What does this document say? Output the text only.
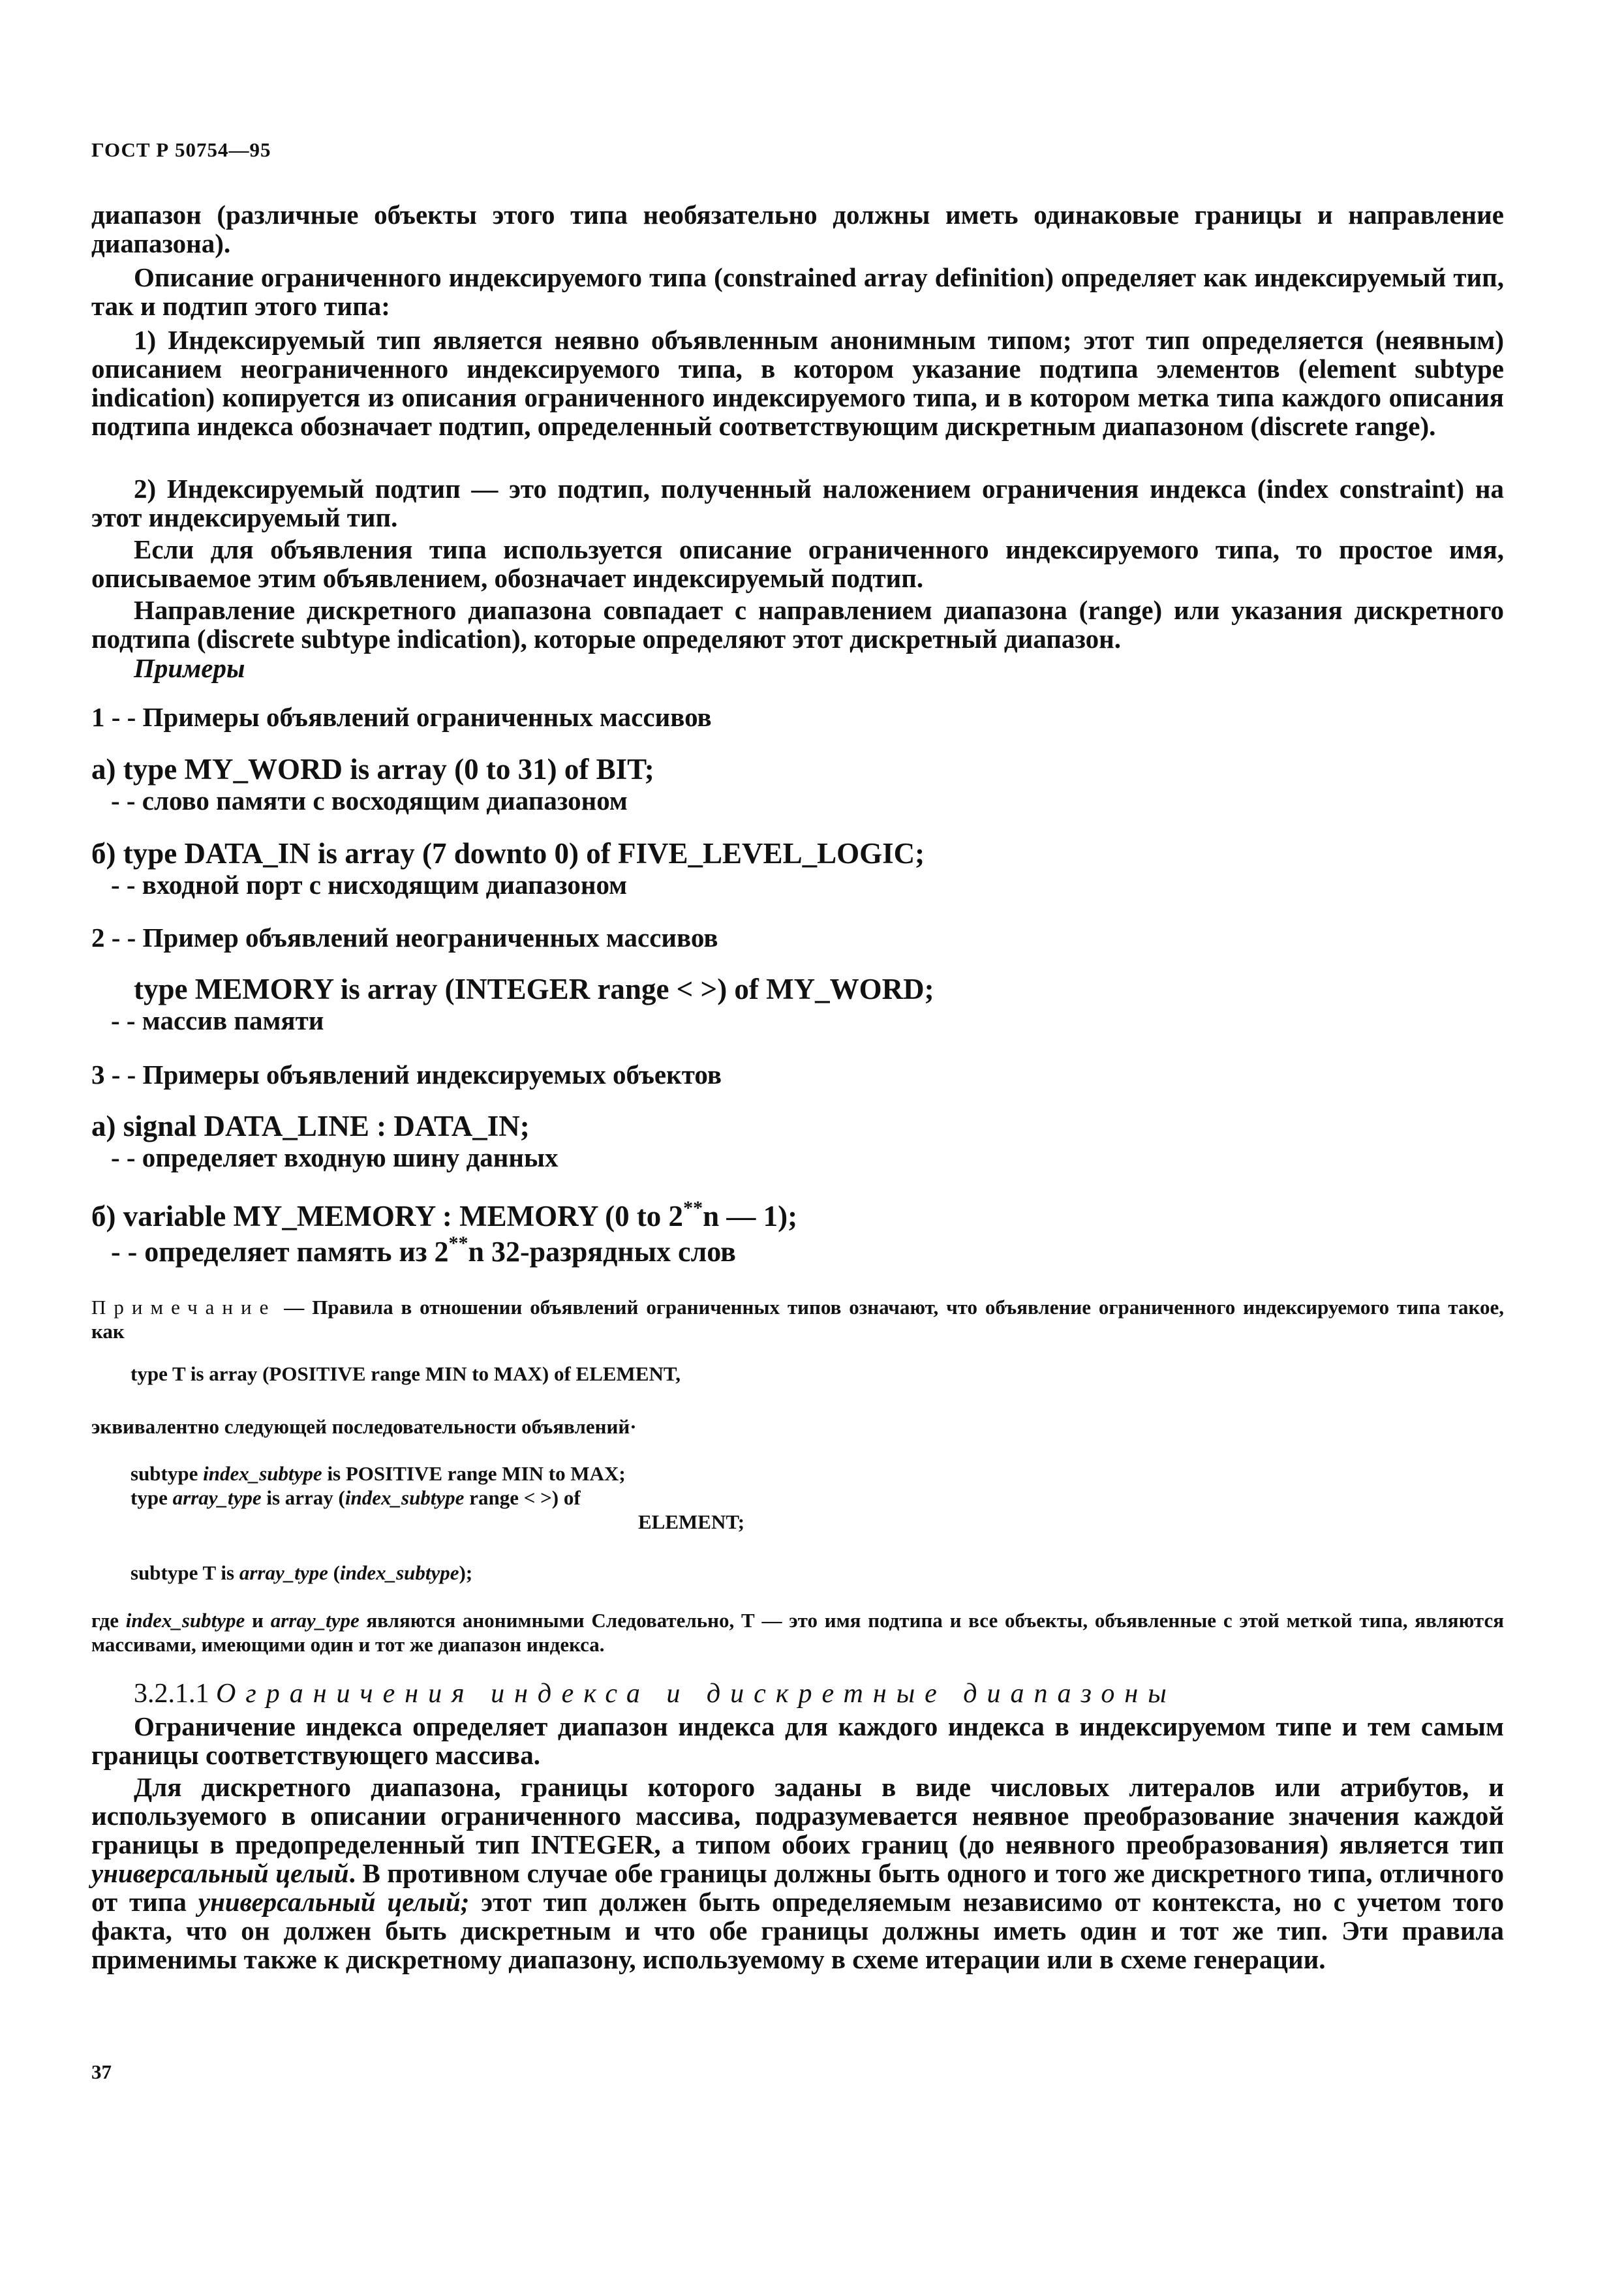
ГОСТ Р 50754—95
диапазон (различные объекты этого типа необязательно должны иметь одинаковые границы и направление диапазона).
Описание ограниченного индексируемого типа (constrained array definition) определяет как индексируемый тип, так и подтип этого типа:
1) Индексируемый тип является неявно объявленным анонимным типом; этот тип определяется (неявным) описанием неограниченного индексируемого типа, в котором указание подтипа элементов (element subtype indication) копируется из описания ограниченного индексируемого типа, и в котором метка типа каждого описания подтипа индекса обозначает подтип, определенный соответствующим дискретным диапазоном (discrete range).
2) Индексируемый подтип — это подтип, полученный наложением ограничения индекса (index constraint) на этот индексируемый тип.
Если для объявления типа используется описание ограниченного индексируемого типа, то простое имя, описываемое этим объявлением, обозначает индексируемый подтип.
Направление дискретного диапазона совпадает с направлением диапазона (range) или указания дискретного подтипа (discrete subtype indication), которые определяют этот дискретный диапазон.
Примеры
1 - - Примеры объявлений ограниченных массивов
а) type MY_WORD is array (0 to 31) of BIT;
- - слово памяти с восходящим диапазоном
б) type DATA_IN is array (7 downto 0) of FIVE_LEVEL_LOGIC;
- - входной порт с нисходящим диапазоном
2 - - Пример объявлений неограниченных массивов
type MEMORY is array (INTEGER range < >) of MY_WORD;
- - массив памяти
3 - - Примеры объявлений индексируемых объектов
а) signal DATA_LINE : DATA_IN;
- - определяет входную шину данных
б) variable MY_MEMORY : MEMORY (0 to 2**n — 1);
- - определяет память из 2**n 32-разрядных слов
Примечание — Правила в отношении объявлений ограниченных типов означают, что объявление ограниченного индексируемого типа такое, как
type T is array (POSITIVE range MIN to MAX) of ELEMENT,
эквивалентно следующей последовательности объявлений·
subtype index_subtype is POSITIVE range MIN to MAX;
type array_type is array (index_subtype range < >) of
ELEMENT;
subtype T is array_type (index_subtype);
где index_subtype и array_type являются анонимными Следовательно, Т — это имя подтипа и все объекты, объявленные с этой меткой типа, являются массивами, имеющими один и тот же диапазон индекса.
3.2.1.1 Ограничения индекса и дискретные диапазоны
Ограничение индекса определяет диапазон индекса для каждого индекса в индексируемом типе и тем самым границы соответствующего массива.
Для дискретного диапазона, границы которого заданы в виде числовых литералов или атрибутов, и используемого в описании ограниченного массива, подразумевается неявное преобразование значения каждой границы в предопределенный тип INTEGER, а типом обоих границ (до неявного преобразования) является тип универсальный целый. В противном случае обе границы должны быть одного и того же дискретного типа, отличного от типа универсальный целый; этот тип должен быть определяемым независимо от контекста, но с учетом того факта, что он должен быть дискретным и что обе границы должны иметь один и тот же тип. Эти правила применимы также к дискретному диапазону, используемому в схеме итерации или в схеме генерации.
37
